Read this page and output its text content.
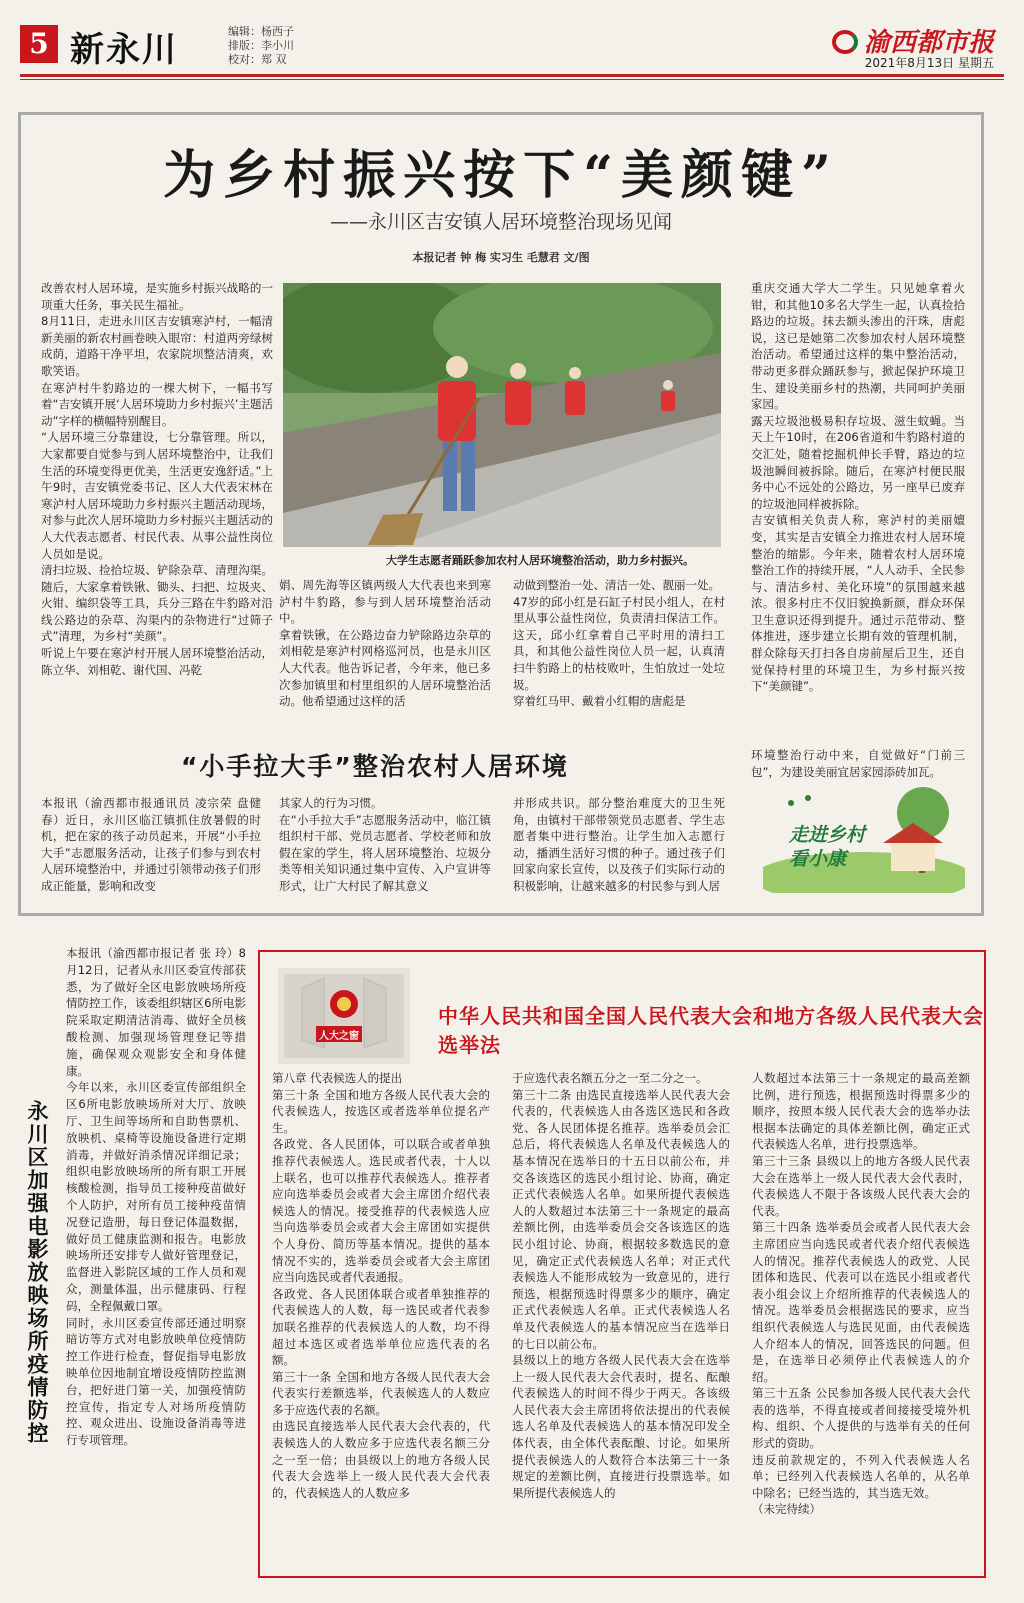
5 新永川	编辑：杨西子
排版：李小川
校对：郑 双
渝西都市报
2021年8月13日 星期五
为乡村振兴按下“美颜键”
——永川区吉安镇人居环境整治现场见闻
本报记者 钟 梅 实习生 毛慧君 文/图
改善农村人居环境，是实施乡村振兴战略的一项重大任务，事关民生福祉。
8月11日，走进永川区吉安镇寒泸村，一幅清新美丽的新农村画卷映入眼帘：村道两旁绿树成荫，道路干净平坦，农家院坝整洁清爽，欢歌笑语。
在寒泸村牛豹路边的一棵大树下，一幅书写着“吉安镇开展‘人居环境助力乡村振兴’主题活动”字样的横幅特别醒目。
“人居环境三分靠建设，七分靠管理。所以，大家都要自觉参与到人居环境整治中，让我们生活的环境变得更优美，生活更安逸舒适。”上午9时，吉安镇党委书记、区人大代表宋林在寒泸村人居环境助力乡村振兴主题活动现场，对参与此次人居环境助力乡村振兴主题活动的人大代表志愿者、村民代表、从事公益性岗位人员如是说。
清扫垃圾、捡拾垃圾、铲除杂草、清理沟渠。随后，大家拿着铁锹、锄头、扫把、垃圾夹、火钳、编织袋等工具，兵分三路在牛豹路对沿线公路边的杂草、沟渠内的杂物进行“过筛子式”清理，为乡村“美颜”。
听说上午要在寒泸村开展人居环境整治活动，陈立华、刘相乾、谢代国、冯乾
大学生志愿者踊跃参加农村人居环境整治活动，助力乡村振兴。
娟、周先海等区镇两级人大代表也来到寒泸村牛豹路，参与到人居环境整治活动中。
拿着铁锹，在公路边奋力铲除路边杂草的刘相乾是寒泸村网格巡河员，也是永川区人大代表。他告诉记者，今年来，他已多次参加镇里和村里组织的人居环境整治活动。他希望通过这样的活
动做到整治一处、清洁一处、靓丽一处。
47岁的邱小红是石缸子村民小组人，在村里从事公益性岗位，负责清扫保洁工作。这天，邱小红拿着自己平时用的清扫工具，和其他公益性岗位人员一起，认真清扫牛豹路上的枯枝败叶，生怕放过一处垃圾。
穿着红马甲、戴着小红帽的唐彪是
重庆交通大学大二学生。只见她拿着火钳，和其他10多名大学生一起，认真捡拾路边的垃圾。抹去额头渗出的汗珠，唐彪说，这已是她第二次参加农村人居环境整治活动。希望通过这样的集中整治活动，带动更多群众踊跃参与，掀起保护环境卫生、建设美丽乡村的热潮，共同呵护美丽家园。
露天垃圾池极易积存垃圾、滋生蚊蝇。当天上午10时，在206省道和牛豹路村道的交汇处，随着挖掘机伸长手臂，路边的垃圾池瞬间被拆除。随后，在寒泸村便民服务中心不远处的公路边，另一座早已废弃的垃圾池同样被拆除。
吉安镇相关负责人称，寒泸村的美丽嬗变，其实是吉安镇全力推进农村人居环境整治的缩影。今年来，随着农村人居环境整治工作的持续开展，“人人动手、全民参与、清洁乡村、美化环境”的氛围越来越浓。很多村庄不仅旧貌换新颜，群众环保卫生意识还得到提升。通过示范带动、整体推进，逐步建立长期有效的管理机制，群众除每天打扫各自房前屋后卫生，还自觉保持村里的环境卫生，为乡村振兴按下“美颜键”。
“小手拉大手”整治农村人居环境
本报讯（渝西都市报通讯员 凌宗荣 盘健春）近日，永川区临江镇抓住放暑假的时机，把在家的孩子动员起来，开展“小手拉大手”志愿服务活动，让孩子们参与到农村人居环境整治中，并通过引领带动孩子们形成正能量，影响和改变
其家人的行为习惯。
在“小手拉大手”志愿服务活动中，临江镇组织村干部、党员志愿者、学校老师和放假在家的学生，将人居环境整治、垃圾分类等相关知识通过集中宣传、入户宣讲等形式，让广大村民了解其意义
并形成共识。部分整治难度大的卫生死角，由镇村干部带领党员志愿者、学生志愿者集中进行整治。让学生加入志愿行动，播洒生活好习惯的种子。通过孩子们回家向家长宣传，以及孩子们实际行动的积极影响，让越来越多的村民参与到人居
环境整治行动中来，自觉做好“门前三包”，为建设美丽宜居家园添砖加瓦。
走进乡村 看小康
永川区加强电影放映场所疫情防控
本报讯（渝西都市报记者 张 玲）8月12日，记者从永川区委宣传部获悉，为了做好全区电影放映场所疫情防控工作，该委组织辖区6所电影院采取定期清洁消毒、做好全员核酸检测、加强现场管理登记等措施，确保观众观影安全和身体健康。
今年以来，永川区委宣传部组织全区6所电影放映场所对大厅、放映厅、卫生间等场所和自助售票机、放映机、桌椅等设施设备进行定期消毒，并做好消杀情况详细记录；组织电影放映场所的所有职工开展核酸检测，指导员工接种疫苗做好个人防护，对所有员工接种疫苗情况登记造册，每日登记体温数据，做好员工健康监测和报告。电影放映场所还安排专人做好管理登记，监督进入影院区域的工作人员和观众，测量体温，出示健康码、行程码，全程佩戴口罩。
同时，永川区委宣传部还通过明察暗访等方式对电影放映单位疫情防控工作进行检查，督促指导电影放映单位因地制宜增设疫情防控监测台，把好进门第一关，加强疫情防控宣传，指定专人对场所疫情防控、观众进出、设施设备消毒等进行专项管理。
人大之窗
中华人民共和国全国人民代表大会和地方各级人民代表大会选举法
第八章 代表候选人的提出
第三十条 全国和地方各级人民代表大会的代表候选人，按选区或者选举单位提名产生。
各政党、各人民团体，可以联合或者单独推荐代表候选人。选民或者代表，十人以上联名，也可以推荐代表候选人。推荐者应向选举委员会或者大会主席团介绍代表候选人的情况。接受推荐的代表候选人应当向选举委员会或者大会主席团如实提供个人身份、简历等基本情况。提供的基本情况不实的，选举委员会或者大会主席团应当向选民或者代表通报。
各政党、各人民团体联合或者单独推荐的代表候选人的人数，每一选民或者代表参加联名推荐的代表候选人的人数，均不得超过本选区或者选举单位应选代表的名额。
第三十一条 全国和地方各级人民代表大会代表实行差额选举，代表候选人的人数应多于应选代表的名额。
由选民直接选举人民代表大会代表的，代表候选人的人数应多于应选代表名额三分之一至一倍；由县级以上的地方各级人民代表大会选举上一级人民代表大会代表的，代表候选人的人数应多
于应选代表名额五分之一至二分之一。
第三十二条 由选民直接选举人民代表大会代表的，代表候选人由各选区选民和各政党、各人民团体提名推荐。选举委员会汇总后，将代表候选人名单及代表候选人的基本情况在选举日的十五日以前公布，并交各该选区的选民小组讨论、协商，确定正式代表候选人名单。如果所提代表候选人的人数超过本法第三十一条规定的最高差额比例，由选举委员会交各该选区的选民小组讨论、协商，根据较多数选民的意见，确定正式代表候选人名单；对正式代表候选人不能形成较为一致意见的，进行预选，根据预选时得票多少的顺序，确定正式代表候选人名单。正式代表候选人名单及代表候选人的基本情况应当在选举日的七日以前公布。
县级以上的地方各级人民代表大会在选举上一级人民代表大会代表时，提名、酝酿代表候选人的时间不得少于两天。各该级人民代表大会主席团将依法提出的代表候选人名单及代表候选人的基本情况印发全体代表，由全体代表酝酿、讨论。如果所提代表候选人的人数符合本法第三十一条规定的差额比例，直接进行投票选举。如果所提代表候选人的
人数超过本法第三十一条规定的最高差额比例，进行预选，根据预选时得票多少的顺序，按照本级人民代表大会的选举办法根据本法确定的具体差额比例，确定正式代表候选人名单，进行投票选举。
第三十三条 县级以上的地方各级人民代表大会在选举上一级人民代表大会代表时，代表候选人不限于各该级人民代表大会的代表。
第三十四条 选举委员会或者人民代表大会主席团应当向选民或者代表介绍代表候选人的情况。推荐代表候选人的政党、人民团体和选民、代表可以在选民小组或者代表小组会议上介绍所推荐的代表候选人的情况。选举委员会根据选民的要求，应当组织代表候选人与选民见面，由代表候选人介绍本人的情况，回答选民的问题。但是，在选举日必须停止代表候选人的介绍。
第三十五条 公民参加各级人民代表大会代表的选举，不得直接或者间接接受境外机构、组织、个人提供的与选举有关的任何形式的资助。
违反前款规定的，不列入代表候选人名单；已经列入代表候选人名单的，从名单中除名；已经当选的，其当选无效。
（未完待续）
